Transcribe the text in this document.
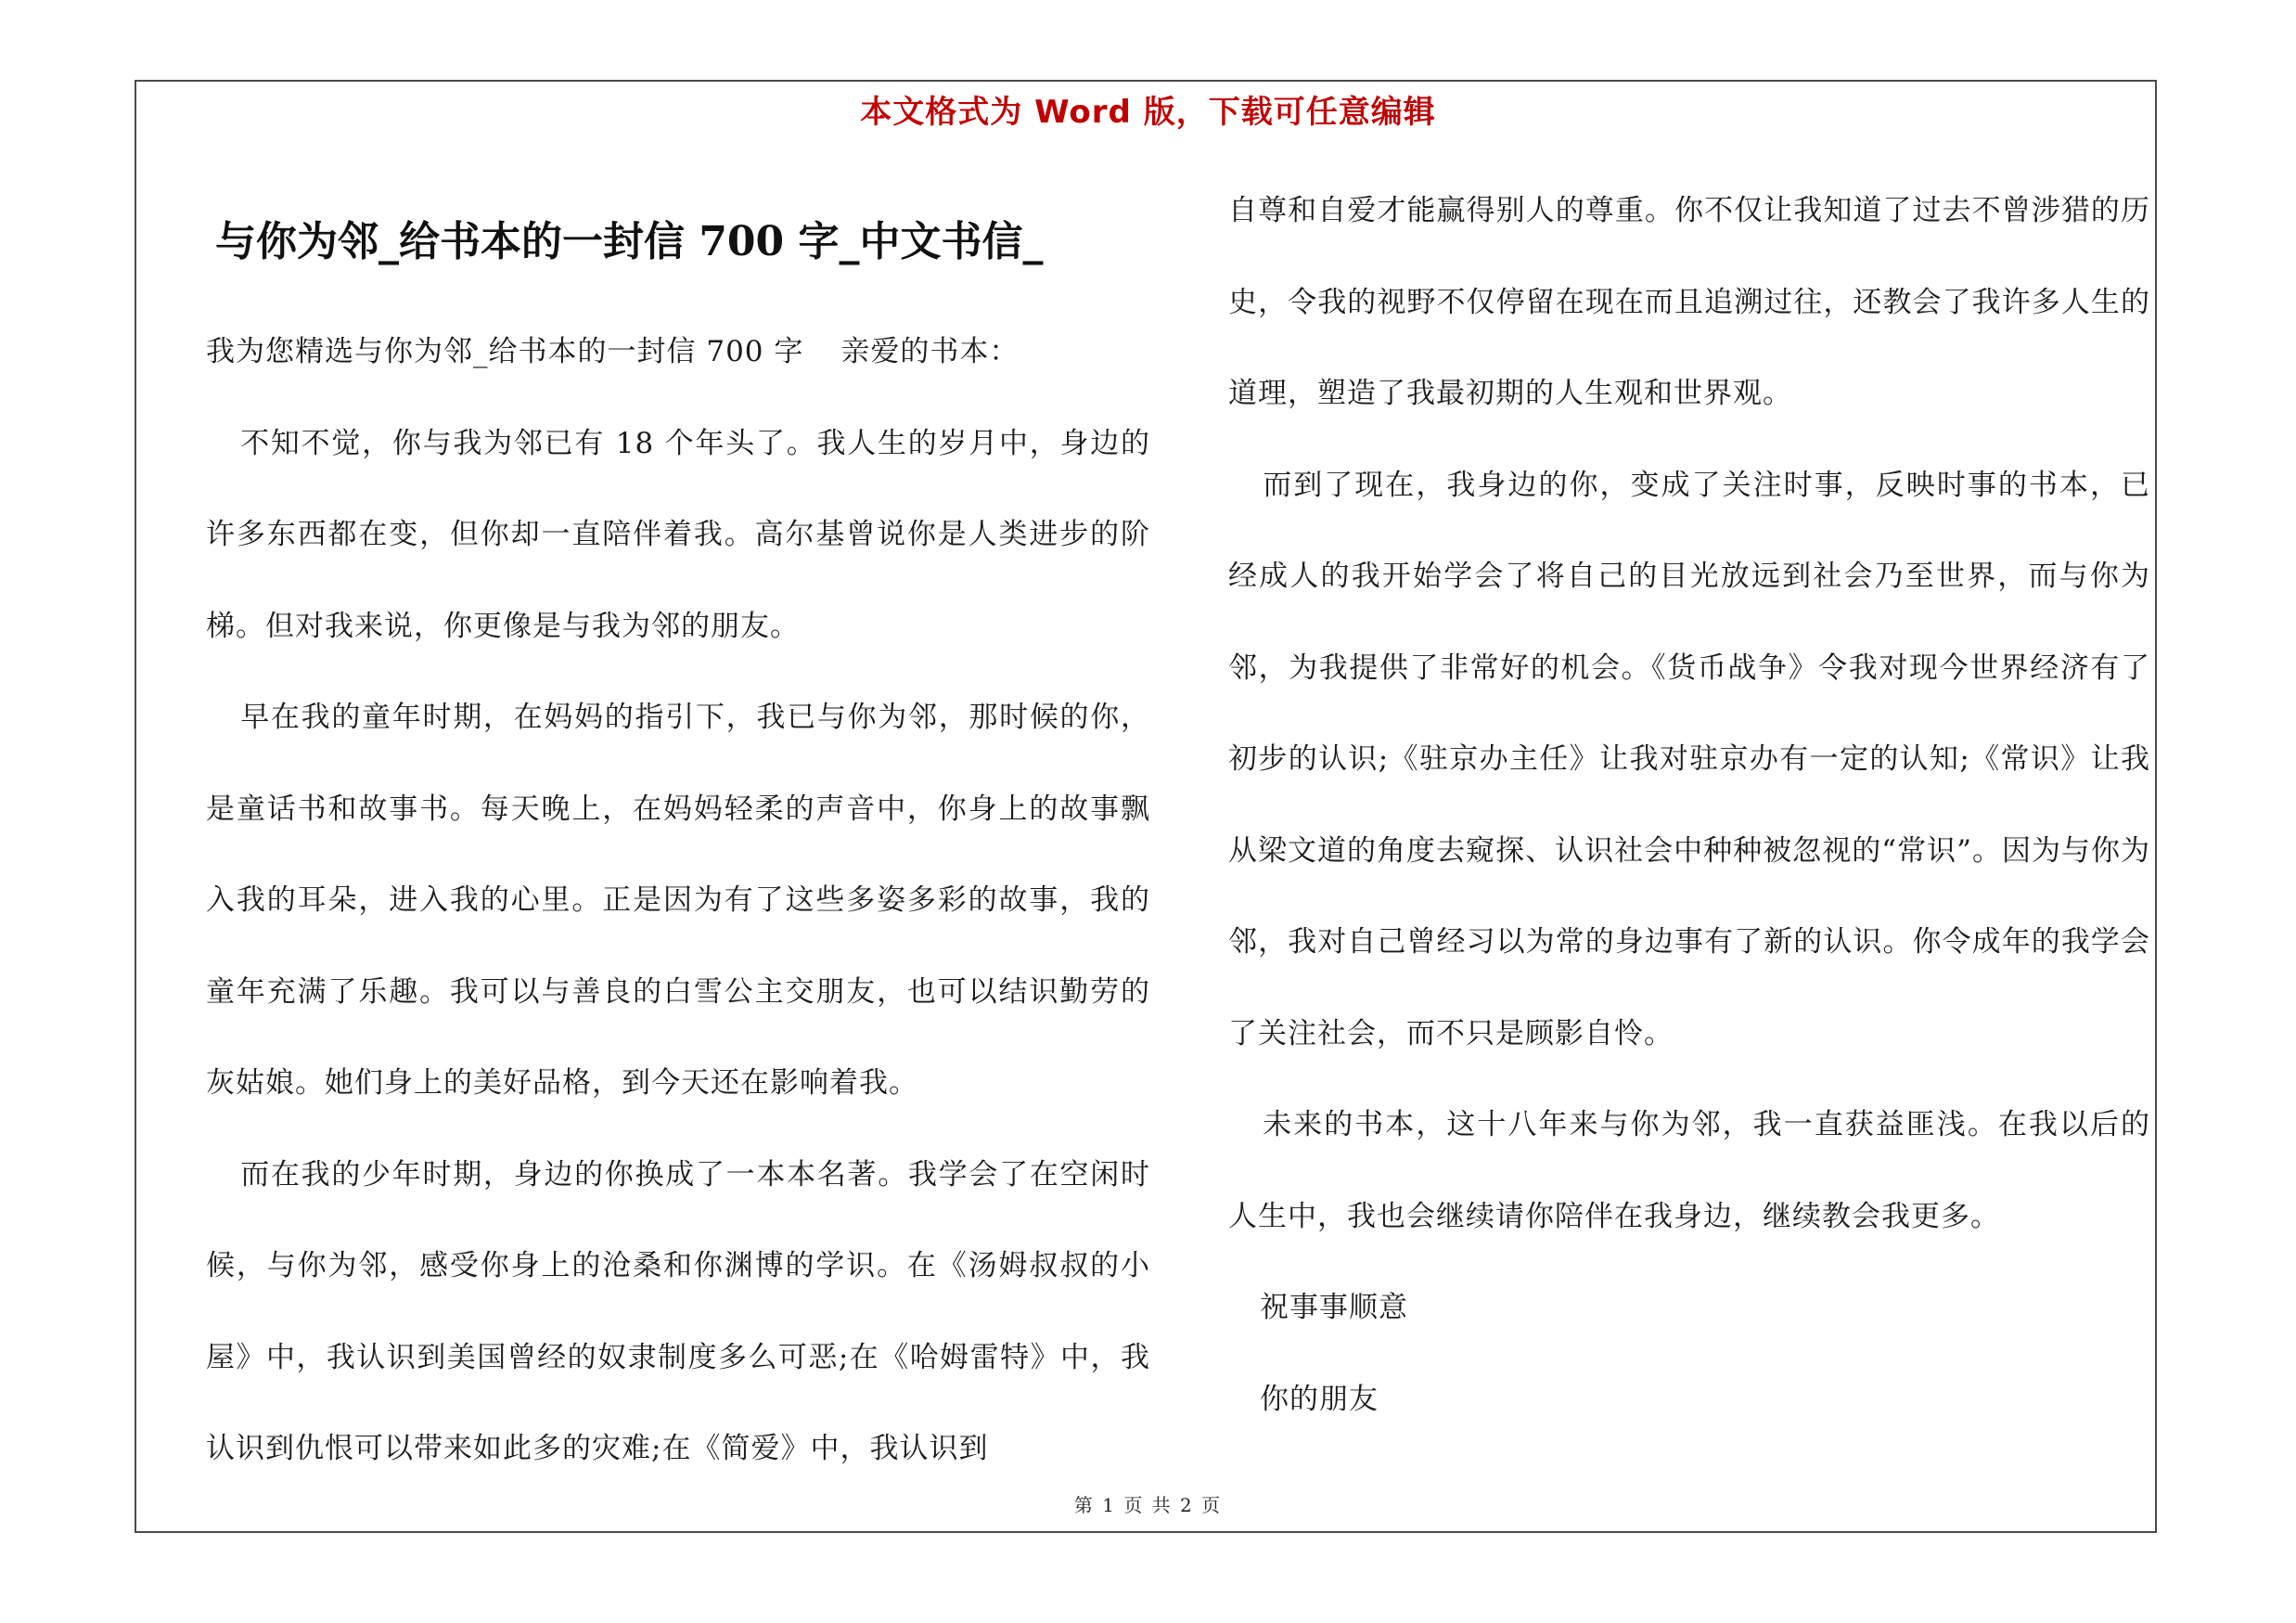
本文格式为 Word 版，下载可任意编辑
与你为邻_给书本的一封信 700 字_中文书信_

我为您精选与你为邻_给书本的一封信 700 字 亲爱的书本：

不知不觉，你与我为邻已有 18 个年头了。我人生的岁月中，身边的许多东西都在变，但你却一直陪伴着我。高尔基曾说你是人类进步的阶梯。但对我来说，你更像是与我为邻的朋友。

早在我的童年时期，在妈妈的指引下，我已与你为邻，那时候的你，是童话书和故事书。每天晚上，在妈妈轻柔的声音中，你身上的故事飘入我的耳朵，进入我的心里。正是因为有了这些多姿多彩的故事，我的童年充满了乐趣。我可以与善良的白雪公主交朋友，也可以结识勤劳的灰姑娘。她们身上的美好品格，到今天还在影响着我。

而在我的少年时期，身边的你换成了一本本名著。我学会了在空闲时候，与你为邻，感受你身上的沧桑和你渊博的学识。在《汤姆叔叔的小屋》中，我认识到美国曾经的奴隶制度多么可恶;在《哈姆雷特》中，我认识到仇恨可以带来如此多的灾难;在《简爱》中，我认识到

自尊和自爱才能赢得别人的尊重。你不仅让我知道了过去不曾涉猎的历史，令我的视野不仅停留在现在而且追溯过往，还教会了我许多人生的道理，塑造了我最初期的人生观和世界观。

而到了现在，我身边的你，变成了关注时事，反映时事的书本，已经成人的我开始学会了将自己的目光放远到社会乃至世界，而与你为邻，为我提供了非常好的机会。《货币战争》令我对现今世界经济有了初步的认识;《驻京办主任》让我对驻京办有一定的认知;《常识》让我从梁文道的角度去窥探、认识社会中种种被忽视的“常识”。因为与你为邻，我对自己曾经习以为常的身边事有了新的认识。你令成年的我学会了关注社会，而不只是顾影自怜。

未来的书本，这十八年来与你为邻，我一直获益匪浅。在我以后的人生中，我也会继续请你陪伴在我身边，继续教会我更多。

祝事事顺意

你的朋友

第 1 页 共 2 页
